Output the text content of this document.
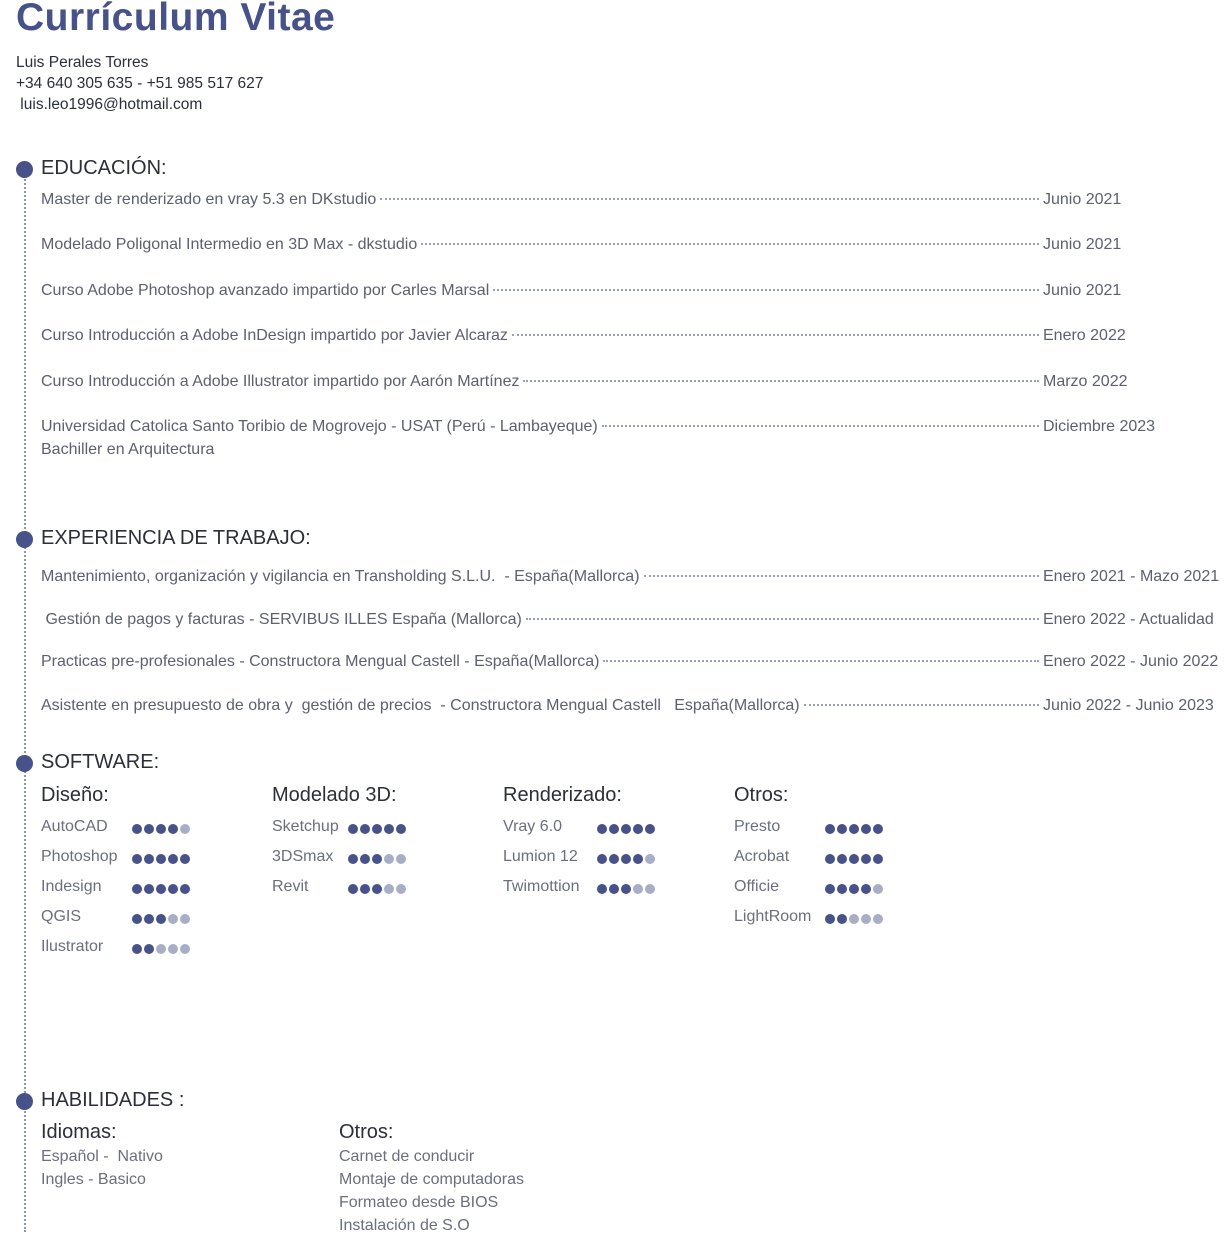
Currículum Vitae
Luis Perales Torres
+34 640 305 635 - +51 985 517 627
luis.leo1996@hotmail.com
EDUCACIÓN:
Master de renderizado en vray 5.3 en DKstudio	Junio 2021
Modelado Poligonal Intermedio en 3D Max - dkstudio	Junio 2021
Curso Adobe Photoshop avanzado impartido por Carles Marsal	Junio 2021
Curso Introducción a Adobe InDesign impartido por Javier Alcaraz	Enero 2022
Curso Introducción a Adobe Illustrator impartido por Aarón Martínez	Marzo 2022
Universidad Catolica Santo Toribio de Mogrovejo - USAT (Perú - Lambayeque)	Diciembre 2023
Bachiller en Arquitectura
EXPERIENCIA DE TRABAJO:
Mantenimiento, organización y vigilancia en Transholding S.L.U.  - España(Mallorca)	Enero 2021 - Mazo 2021
Gestión de pagos y facturas - SERVIBUS ILLES España (Mallorca)	Enero 2022 - Actualidad
Practicas pre-profesionales - Constructora Mengual Castell - España(Mallorca)	Enero 2022 - Junio 2022
Asistente en presupuesto de obra y  gestión de precios  - Constructora Mengual Castell   España(Mallorca)	Junio 2022 - Junio 2023
SOFTWARE:
Diseño:
AutoCAD
Photoshop
Indesign
QGIS
Ilustrator
Modelado 3D:
Sketchup
3DSmax
Revit
Renderizado:
Vray 6.0
Lumion 12
Twimottion
Otros:
Presto
Acrobat
Officie
LightRoom
HABILIDADES :
Idiomas:
Español -  Nativo
Ingles - Basico
Otros:
Carnet de conducir
Montaje de computadoras
Formateo desde BIOS
Instalación de S.O
